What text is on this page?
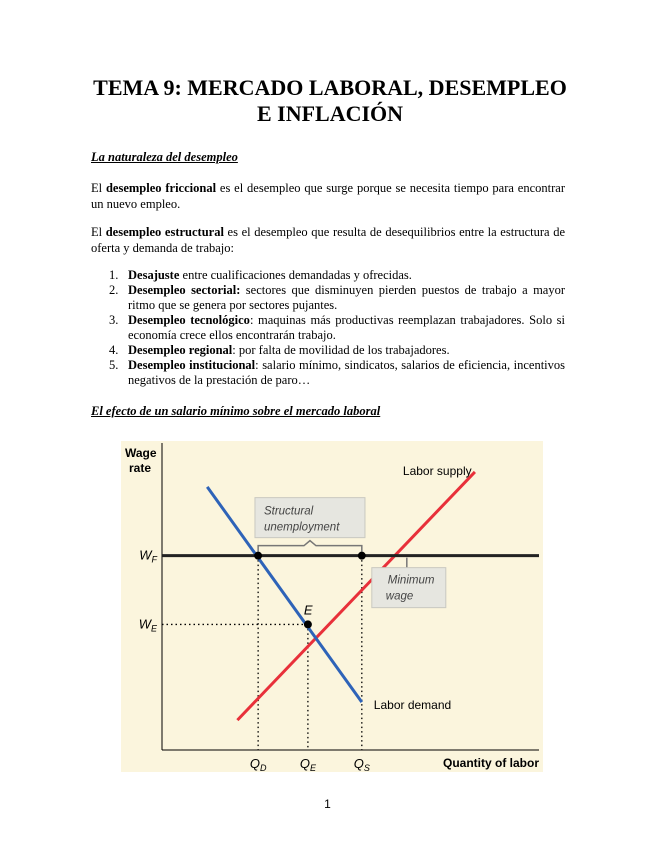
TEMA 9: MERCADO LABORAL, DESEMPLEO
E INFLACIÓN
La naturaleza del desempleo
El desempleo friccional es el desempleo que surge porque se necesita tiempo para encontrar un nuevo empleo.
El desempleo estructural es el desempleo que resulta de desequilibrios entre la estructura de oferta y demanda de trabajo:
1. Desajuste entre cualificaciones demandadas y ofrecidas.
2. Desempleo sectorial: sectores que disminuyen pierden puestos de trabajo a mayor ritmo que se genera por sectores pujantes.
3. Desempleo tecnológico: maquinas más productivas reemplazan trabajadores. Solo si economía crece ellos encontrarán trabajo.
4. Desempleo regional: por falta de movilidad de los trabajadores.
5. Desempleo institucional: salario mínimo, sindicatos, salarios de eficiencia, incentivos negativos de la prestación de paro…
El efecto de un salario mínimo sobre el mercado laboral
Wage
rate
Quantity of labor
Labor supply
Labor demand
Structural
unemployment
Minimum
wage
E
$W_F$
$W_E$
$Q_D$	$Q_E$	$Q_S$
1
